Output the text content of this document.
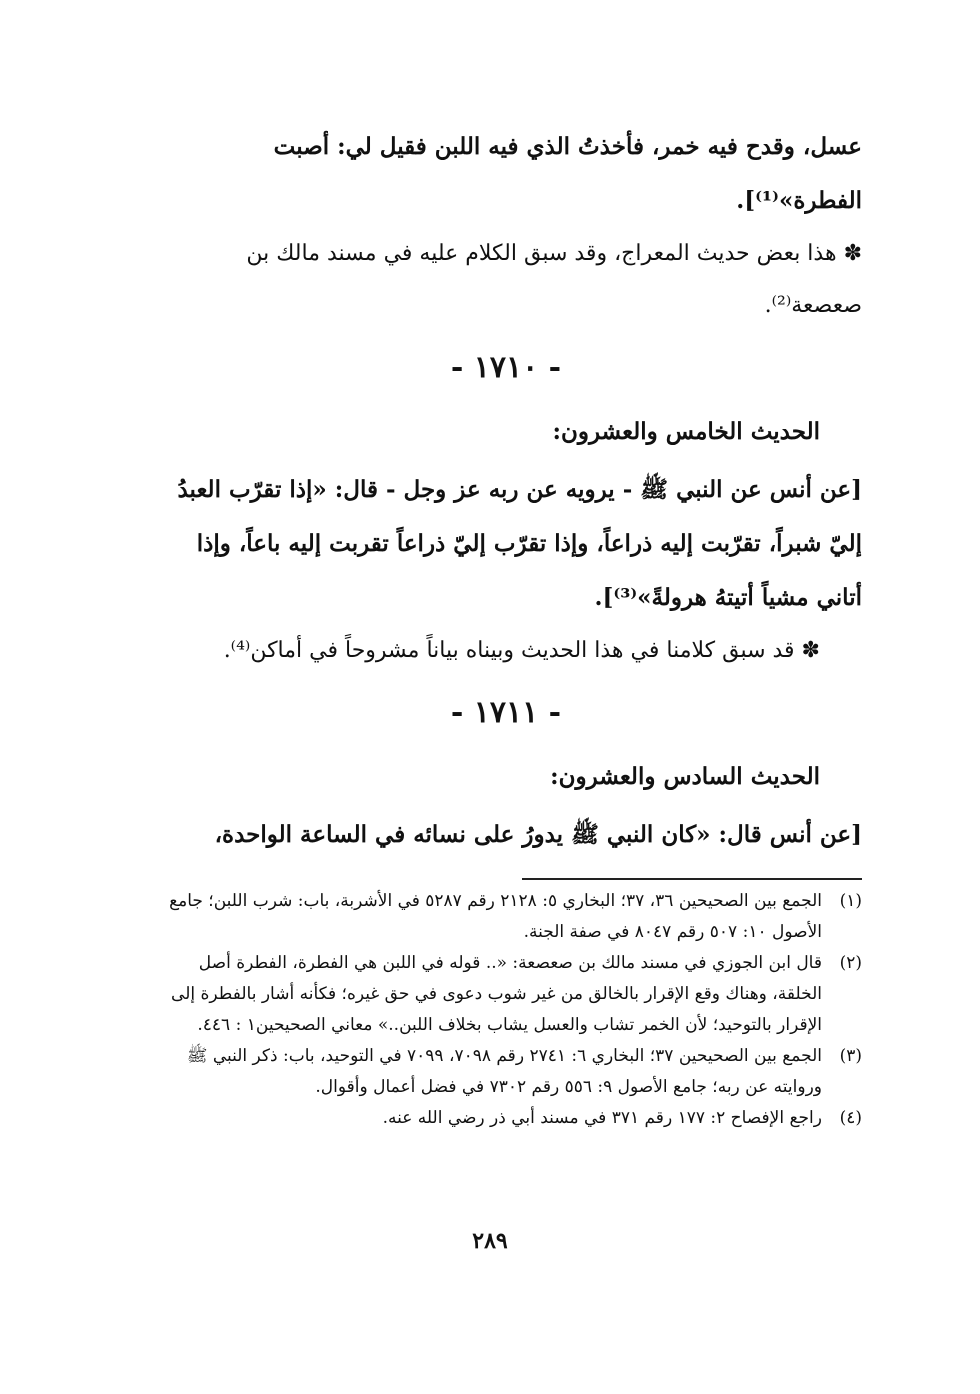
عسل، وقدح فيه خمر، فأخذتُ الذي فيه اللبن فقيل لي: أصبت الفطرة»⁽¹⁾].

✽ هذا بعض حديث المعراج، وقد سبق الكلام عليه في مسند مالك بن صعصعة⁽²⁾.

- ١٧١٠ -
الحديث الخامس والعشرون:

[عن أنس عن النبي ﷺ - يرويه عن ربه عز وجل - قال: «إذا تقرّب العبدُ إليّ شبراً، تقرّبت إليه ذراعاً، وإذا تقرّب إليّ ذراعاً تقربت إليه باعاً، وإذا أتاني مشياً أتيتهُ هرولةً»⁽³⁾].

✽ قد سبق كلامنا في هذا الحديث وبيناه بياناً مشروحاً في أماكن⁽⁴⁾.

- ١٧١١ -
الحديث السادس والعشرون:

[عن أنس قال: «كان النبي ﷺ يدورُ على نسائه في الساعة الواحدة،

(١)
الجمع بين الصحيحين ٣٦، ٣٧؛ البخاري ٥: ٢١٢٨ رقم ٥٢٨٧ في الأشربة، باب: شرب اللبن؛ جامع الأصول ١٠: ٥٠٧ رقم ٨٠٤٧ في صفة الجنة.
(٢)
قال ابن الجوزي في مسند مالك بن صعصعة: «.. قوله في اللبن هي الفطرة، الفطرة أصل الخلقة، وهناك وقع الإقرار بالخالق من غير شوب دعوى في حق غيره؛ فكأنه أشار بالفطرة إلى الإقرار بالتوحيد؛ لأن الخمر تشاب والعسل يشاب بخلاف اللبن..» معاني الصحيحين١ : ٤٤٦.
(٣)
الجمع بين الصحيحين ٣٧؛ البخاري ٦: ٢٧٤١ رقم ٧٠٩٨، ٧٠٩٩ في التوحيد، باب: ذكر النبي ﷺ وروايته عن ربه؛ جامع الأصول ٩: ٥٥٦ رقم ٧٣٠٢ في فضل أعمال وأقوال.
(٤)
راجع الإفصاح ٢: ١٧٧ رقم ٣٧١ في مسند أبي ذر رضي الله عنه.
٢٨٩
